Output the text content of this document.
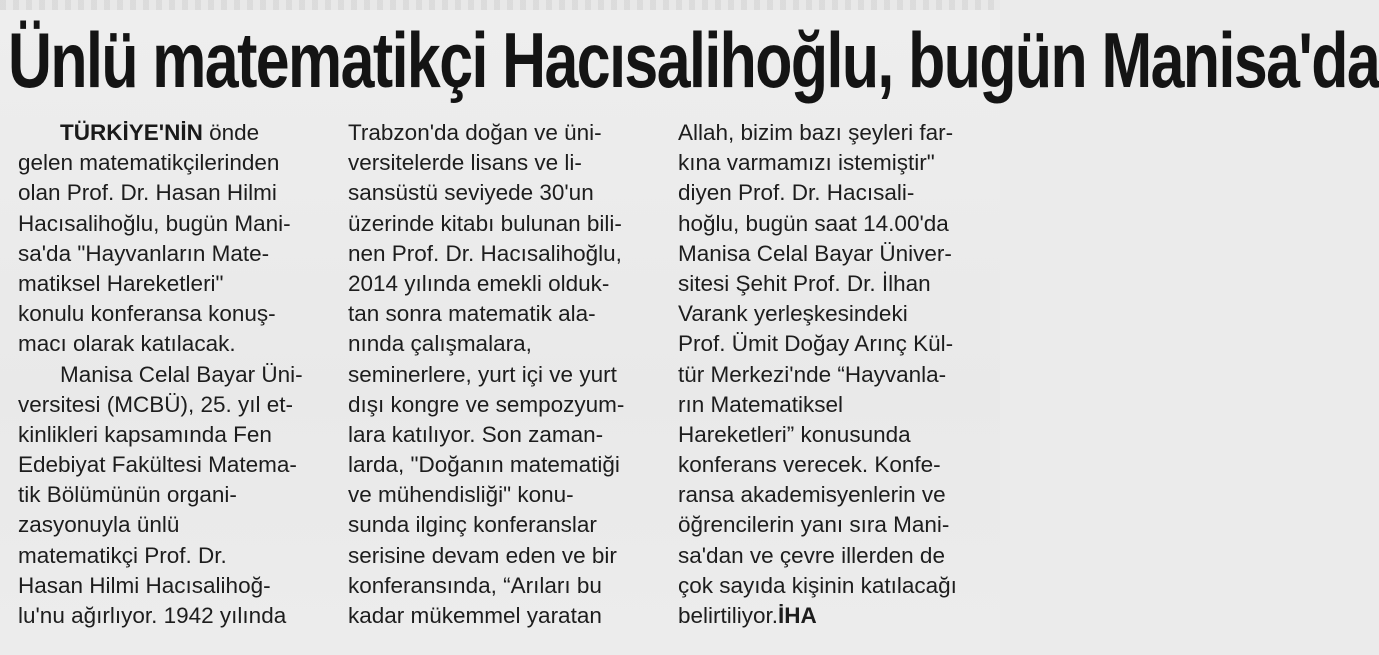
Ünlü matematikçi Hacısalihoğlu, bugün Manisa'da
TÜRKİYE'NİN önde
gelen matematikçilerinden
olan Prof. Dr. Hasan Hilmi
Hacısalihoğlu, bugün Mani-
sa'da "Hayvanların Mate-
matiksel Hareketleri"
konulu konferansa konuş-
macı olarak katılacak.
Manisa Celal Bayar Üni-
versitesi (MCBÜ), 25. yıl et-
kinlikleri kapsamında Fen
Edebiyat Fakültesi Matema-
tik Bölümünün organi-
zasyonuyla ünlü
matematikçi Prof. Dr.
Hasan Hilmi Hacısalihoğ-
lu'nu ağırlıyor. 1942 yılında
Trabzon'da doğan ve üni-
versitelerde lisans ve li-
sansüstü seviyede 30'un
üzerinde kitabı bulunan bili-
nen Prof. Dr. Hacısalihoğlu,
2014 yılında emekli olduk-
tan sonra matematik ala-
nında çalışmalara,
seminerlere, yurt içi ve yurt
dışı kongre ve sempozyum-
lara katılıyor. Son zaman-
larda, "Doğanın matematiği
ve mühendisliği" konu-
sunda ilginç konferanslar
serisine devam eden ve bir
konferansında, “Arıları bu
kadar mükemmel yaratan
Allah, bizim bazı şeyleri far-
kına varmamızı istemiştir"
diyen Prof. Dr. Hacısali-
hoğlu, bugün saat 14.00'da
Manisa Celal Bayar Üniver-
sitesi Şehit Prof. Dr. İlhan
Varank yerleşkesindeki
Prof. Ümit Doğay Arınç Kül-
tür Merkezi'nde “Hayvanla-
rın Matematiksel
Hareketleri” konusunda
konferans verecek. Konfe-
ransa akademisyenlerin ve
öğrencilerin yanı sıra Mani-
sa'dan ve çevre illerden de
çok sayıda kişinin katılacağı
belirtiliyor.İHA
